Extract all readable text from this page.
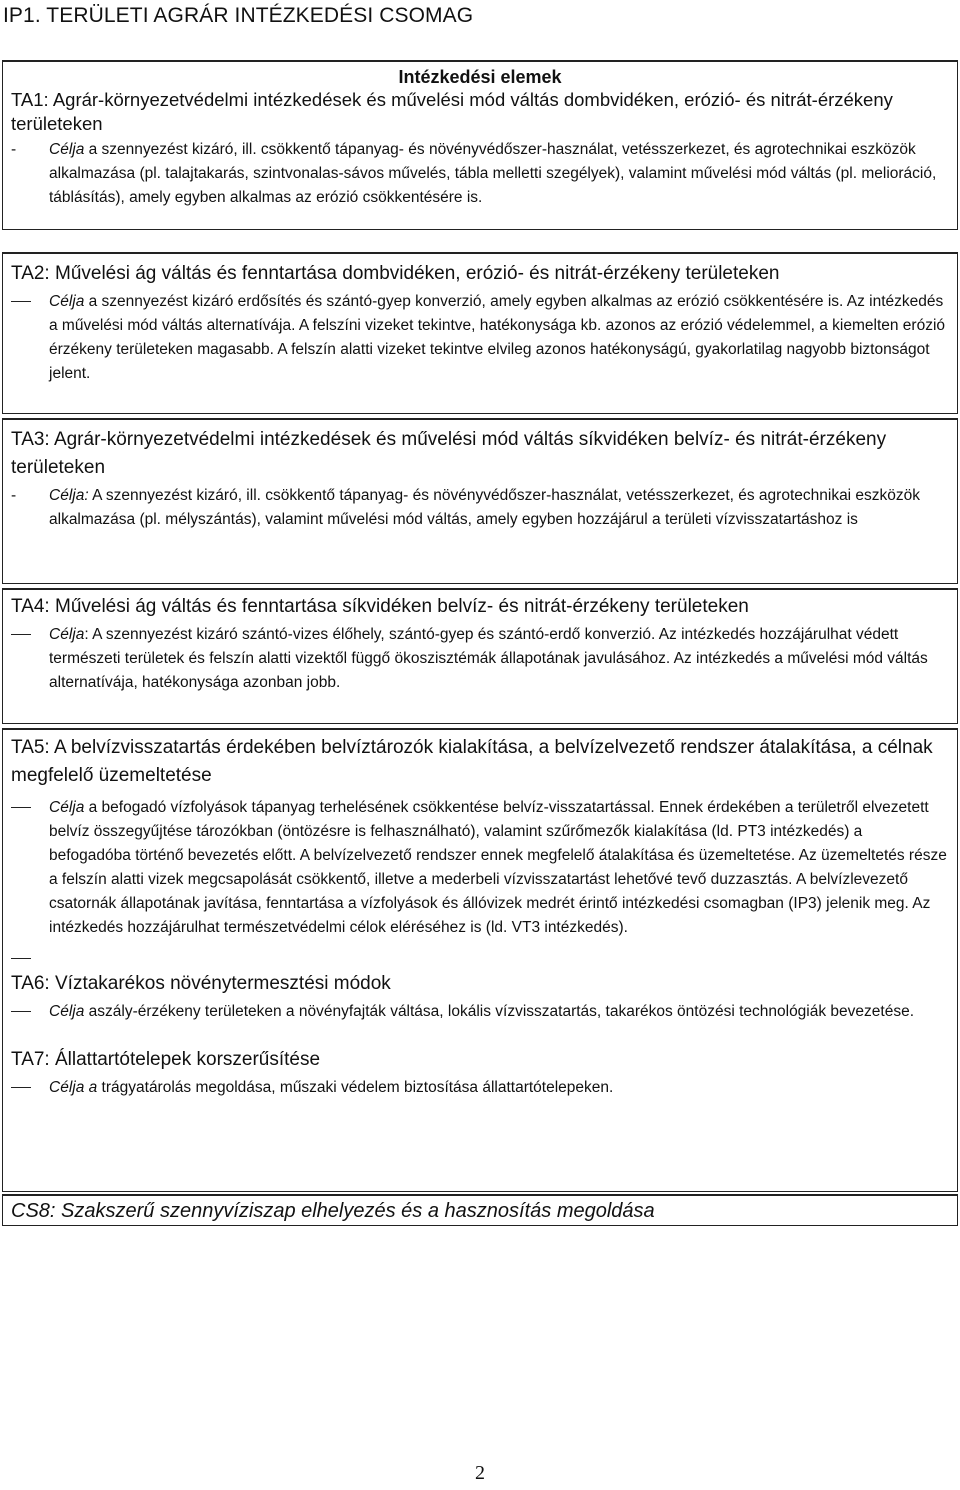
IP1. TERÜLETI AGRÁR INTÉZKEDÉSI CSOMAG
Intézkedési elemek
TA1: Agrár-környezetvédelmi intézkedések és művelési mód váltás dombvidéken, erózió- és nitrát-érzékeny területeken
- Célja a szennyezést kizáró, ill. csökkentő tápanyag- és növényvédőszer-használat, vetésszerkezet, és agrotechnikai eszközök alkalmazása (pl. talajtakarás, szintvonalas-sávos művelés, tábla melletti szegélyek), valamint művelési mód váltás (pl. melioráció, táblásítás), amely egyben alkalmas az erózió csökkentésére is.
TA2: Művelési ág váltás és fenntartása dombvidéken, erózió- és nitrát-érzékeny területeken
Célja a szennyezést kizáró erdősítés és szántó-gyep konverzió, amely egyben alkalmas az erózió csökkentésére is. Az intézkedés a művelési mód váltás alternatívája. A felszíni vizeket tekintve, hatékonysága kb. azonos az erózió védelemmel, a kiemelten erózió érzékeny területeken magasabb. A felszín alatti vizeket tekintve elvileg azonos hatékonyságú, gyakorlatilag nagyobb biztonságot jelent.
TA3: Agrár-környezetvédelmi intézkedések és művelési mód váltás síkvidéken belvíz- és nitrát-érzékeny területeken
- Célja: A szennyezést kizáró, ill. csökkentő tápanyag- és növényvédőszer-használat, vetésszerkezet, és agrotechnikai eszközök alkalmazása (pl. mélyszántás), valamint művelési mód váltás, amely egyben hozzájárul a területi vízvisszatartáshoz is
TA4: Művelési ág váltás és fenntartása síkvidéken belvíz- és nitrát-érzékeny területeken
Célja: A szennyezést kizáró szántó-vizes élőhely, szántó-gyep és szántó-erdő konverzió. Az intézkedés hozzájárulhat védett természeti területek és felszín alatti vizektől függő ökoszisztémák állapotának javulásához. Az intézkedés a művelési mód váltás alternatívája, hatékonysága azonban jobb.
TA5: A belvízvisszatartás érdekében belvíztározók kialakítása, a belvízelvezető rendszer átalakítása, a célnak megfelelő üzemeltetése
Célja a befogadó vízfolyások tápanyag terhelésének csökkentése belvíz-visszatartással. Ennek érdekében a területről elvezetett belvíz összegyűjtése tározókban (öntözésre is felhasználható), valamint szűrőmezők kialakítása (ld. PT3 intézkedés) a befogadóba történő bevezetés előtt. A belvízelvezető rendszer ennek megfelelő átalakítása és üzemeltetése. Az üzemeltetés része a felszín alatti vizek megcsapolását csökkentő, illetve a mederbeli vízvisszatartást lehetővé tevő duzzasztás. A belvízlevezető csatornák állapotának javítása, fenntartása a vízfolyások és állóvizek medrét érintő intézkedési csomagban (IP3) jelenik meg. Az intézkedés hozzájárulhat természetvédelmi célok eléréséhez is (ld. VT3 intézkedés).
TA6: Víztakarékos növénytermesztési módok
Célja aszály-érzékeny területeken a növényfajták váltása, lokális vízvisszatartás, takarékos öntözési technológiák bevezetése.
TA7: Állattartótelepek korszerűsítése
Célja a trágyatárolás megoldása, műszaki védelem biztosítása állattartótelepeken.
CS8: Szakszerű szennyvíziszap elhelyezés és a hasznosítás megoldása
2
